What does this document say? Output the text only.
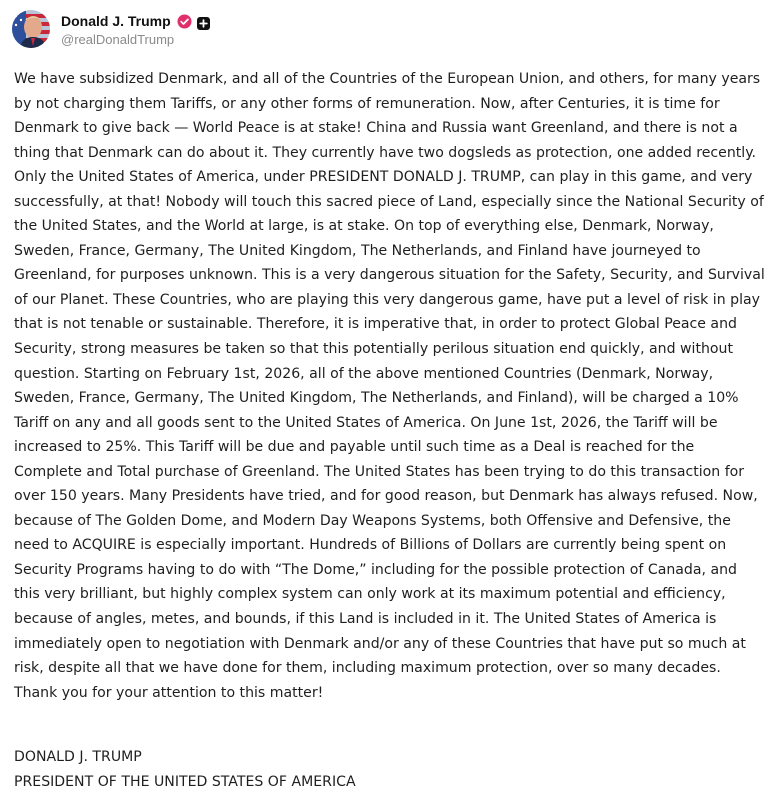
Donald J. Trump
@realDonaldTrump
We have subsidized Denmark, and all of the Countries of the European Union, and others, for many years by not charging them Tariffs, or any other forms of remuneration. Now, after Centuries, it is time for Denmark to give back — World Peace is at stake! China and Russia want Greenland, and there is not a thing that Denmark can do about it. They currently have two dogsleds as protection, one added recently. Only the United States of America, under PRESIDENT DONALD J. TRUMP, can play in this game, and very successfully, at that! Nobody will touch this sacred piece of Land, especially since the National Security of the United States, and the World at large, is at stake. On top of everything else, Denmark, Norway, Sweden, France, Germany, The United Kingdom, The Netherlands, and Finland have journeyed to Greenland, for purposes unknown. This is a very dangerous situation for the Safety, Security, and Survival of our Planet. These Countries, who are playing this very dangerous game, have put a level of risk in play that is not tenable or sustainable. Therefore, it is imperative that, in order to protect Global Peace and Security, strong measures be taken so that this potentially perilous situation end quickly, and without question. Starting on February 1st, 2026, all of the above mentioned Countries (Denmark, Norway, Sweden, France, Germany, The United Kingdom, The Netherlands, and Finland), will be charged a 10% Tariff on any and all goods sent to the United States of America. On June 1st, 2026, the Tariff will be increased to 25%. This Tariff will be due and payable until such time as a Deal is reached for the Complete and Total purchase of Greenland. The United States has been trying to do this transaction for over 150 years. Many Presidents have tried, and for good reason, but Denmark has always refused. Now, because of The Golden Dome, and Modern Day Weapons Systems, both Offensive and Defensive, the need to ACQUIRE is especially important. Hundreds of Billions of Dollars are currently being spent on Security Programs having to do with “The Dome,” including for the possible protection of Canada, and this very brilliant, but highly complex system can only work at its maximum potential and efficiency, because of angles, metes, and bounds, if this Land is included in it. The United States of America is immediately open to negotiation with Denmark and/or any of these Countries that have put so much at risk, despite all that we have done for them, including maximum protection, over so many decades. Thank you for your attention to this matter!
DONALD J. TRUMP
PRESIDENT OF THE UNITED STATES OF AMERICA
